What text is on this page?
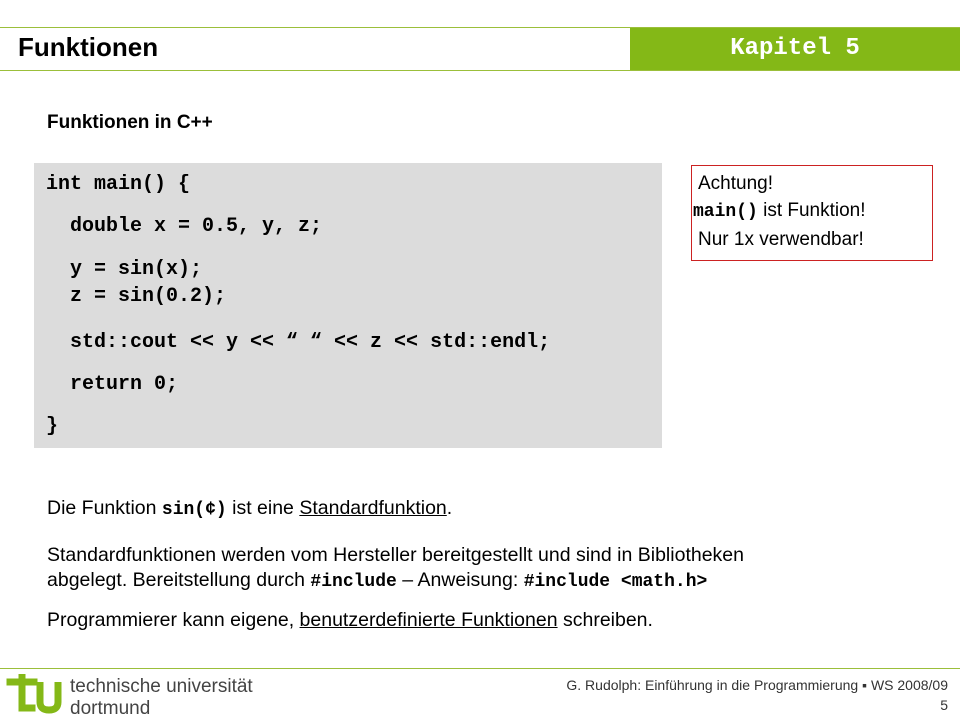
Funktionen	Kapitel 5
Funktionen in C++
int main() {
double x = 0.5, y, z;
y = sin(x);
z = sin(0.2);
std::cout << y << “ “ << z << std::endl;
return 0;
}
Achtung!
main() ist Funktion!
Nur 1x verwendbar!
Die Funktion sin(¢) ist eine Standardfunktion.
Standardfunktionen werden vom Hersteller bereitgestellt und sind in Bibliotheken
abgelegt. Bereitstellung durch #include – Anweisung: #include <math.h>
Programmierer kann eigene, benutzerdefinierte Funktionen schreiben.
technische universität
dortmund
G. Rudolph: Einführung in die Programmierung ▪ WS 2008/09
5
